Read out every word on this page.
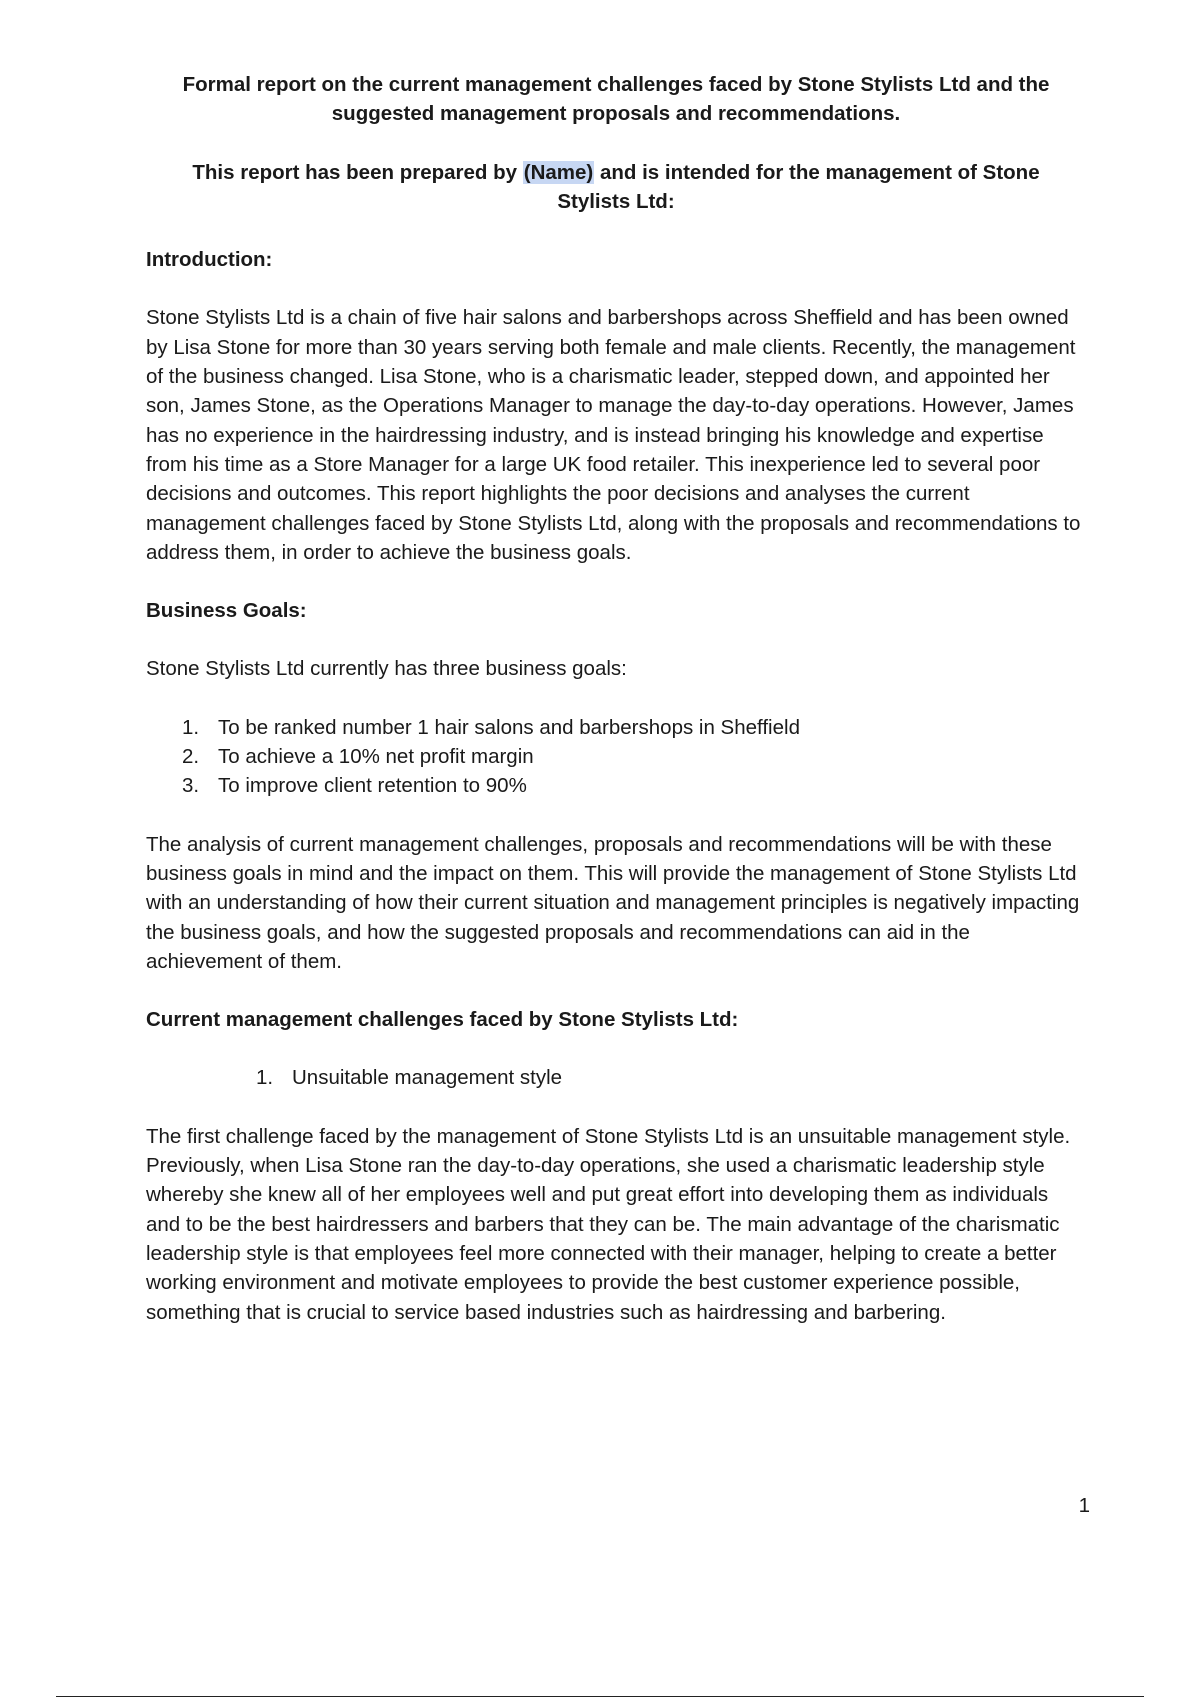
Formal report on the current management challenges faced by Stone Stylists Ltd and the suggested management proposals and recommendations.
This report has been prepared by (Name) and is intended for the management of Stone Stylists Ltd:
Introduction:

Stone Stylists Ltd is a chain of five hair salons and barbershops across Sheffield and has been owned by Lisa Stone for more than 30 years serving both female and male clients. Recently, the management of the business changed. Lisa Stone, who is a charismatic leader, stepped down, and appointed her son, James Stone, as the Operations Manager to manage the day-to-day operations. However, James has no experience in the hairdressing industry, and is instead bringing his knowledge and expertise from his time as a Store Manager for a large UK food retailer. This inexperience led to several poor decisions and outcomes. This report highlights the poor decisions and analyses the current management challenges faced by Stone Stylists Ltd, along with the proposals and recommendations to address them, in order to achieve the business goals.

Business Goals:

Stone Stylists Ltd currently has three business goals:

1. To be ranked number 1 hair salons and barbershops in Sheffield
2. To achieve a 10% net profit margin
3. To improve client retention to 90%

The analysis of current management challenges, proposals and recommendations will be with these business goals in mind and the impact on them. This will provide the management of Stone Stylists Ltd with an understanding of how their current situation and management principles is negatively impacting the business goals, and how the suggested proposals and recommendations can aid in the achievement of them.

Current management challenges faced by Stone Stylists Ltd:
1. Unsuitable management style

The first challenge faced by the management of Stone Stylists Ltd is an unsuitable management style. Previously, when Lisa Stone ran the day-to-day operations, she used a charismatic leadership style whereby she knew all of her employees well and put great effort into developing them as individuals and to be the best hairdressers and barbers that they can be. The main advantage of the charismatic leadership style is that employees feel more connected with their manager, helping to create a better working environment and motivate employees to provide the best customer experience possible, something that is crucial to service based industries such as hairdressing and barbering.

1
